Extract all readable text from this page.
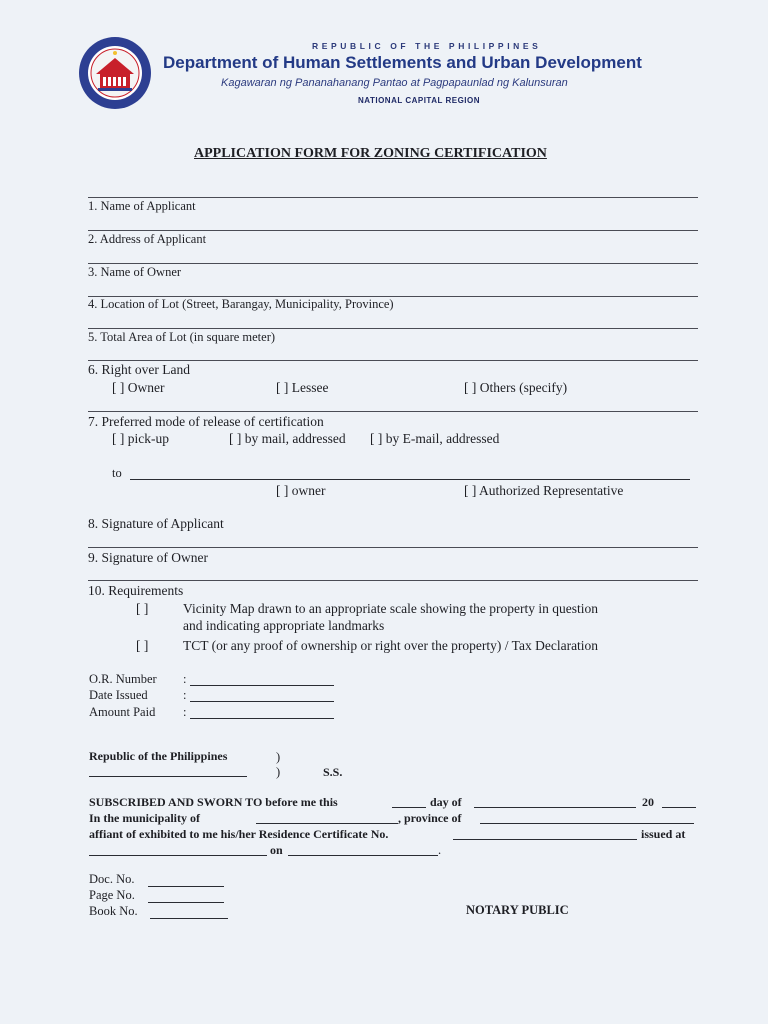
REPUBLIC OF THE PHILIPPINES
Department of Human Settlements and Urban Development
Kagawaran ng Pananahanang Pantao at Pagpapaunlad ng Kalunsuran
NATIONAL CAPITAL REGION
APPLICATION FORM FOR ZONING CERTIFICATION
1. Name of Applicant
2. Address of Applicant
3. Name of Owner
4. Location of Lot (Street, Barangay, Municipality, Province)
5. Total Area of Lot (in square meter)
6. Right over Land
[ ] Owner	[ ] Lessee	[ ] Others (specify)
7. Preferred mode of release of certification
[ ] pick-up	[ ] by mail, addressed [ ] by E-mail, addressed
to
[ ] owner	[ ] Authorized Representative
8. Signature of Applicant
9. Signature of Owner
10. Requirements
[ ]	Vicinity Map drawn to an appropriate scale showing the property in question
and indicating appropriate landmarks
[ ]	TCT (or any proof of ownership or right over the property) / Tax Declaration
O.R. Number :
Date Issued	:
Amount Paid :
Republic of the Philippines	)
)	S.S.
SUBSCRIBED AND SWORN TO before me this	day of	20
In the municipality of	, province of
affiant of exhibited to me his/her Residence Certificate No.	issued at
on	.
Doc. No.
Page No.
Book No.	NOTARY PUBLIC
